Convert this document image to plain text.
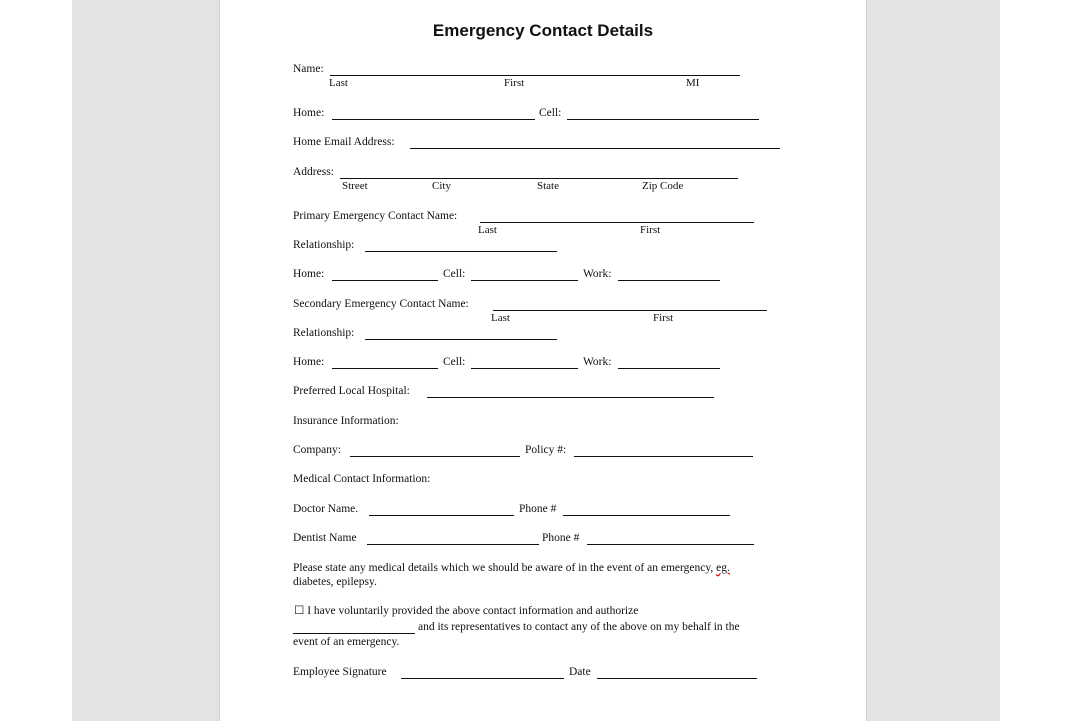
Emergency Contact Details
Name:
Last	First	MI
Home:	Cell:
Home Email Address:
Address:
Street	City	State	Zip Code
Primary Emergency Contact Name:
Last	First
Relationship:
Home:	Cell:	Work:
Secondary Emergency Contact Name:
Last	First
Relationship:
Home:	Cell:	Work:
Preferred Local Hospital:
Insurance Information:
Company:	Policy #:
Medical Contact Information:
Doctor Name.	Phone #
Dentist Name	Phone #
Please state any medical details which we should be aware of in the event of an emergency, eg.
diabetes, epilepsy.
☐ I have voluntarily provided the above contact information and authorize
and its representatives to contact any of the above on my behalf in the
event of an emergency.
Employee Signature	Date
